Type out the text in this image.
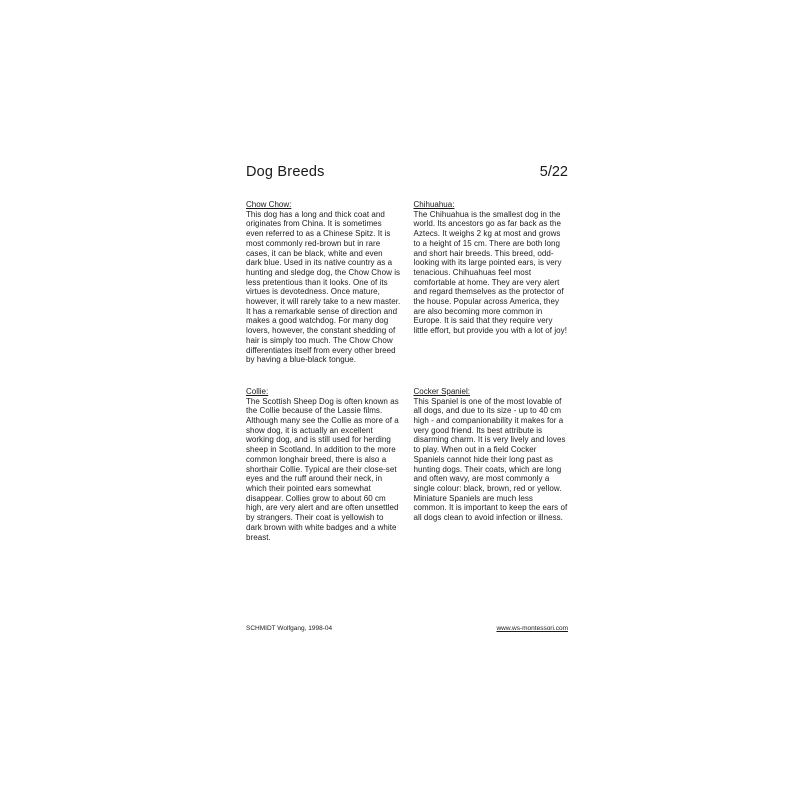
Dog Breeds	5/22
Chow Chow:
This dog has a long and thick coat and originates from China. It is sometimes even referred to as a Chinese Spitz. It is most commonly red-brown but in rare cases, it can be black, white and even dark blue. Used in its native country as a hunting and sledge dog, the Chow Chow is less pretentious than it looks. One of its virtues is devotedness. Once mature, however, it will rarely take to a new master. It has a remarkable sense of direction and makes a good watchdog. For many dog lovers, however, the constant shedding of hair is simply too much. The Chow Chow differentiates itself from every other breed by having a blue-black tongue.
Chihuahua:
The Chihuahua is the smallest dog in the world. Its ancestors go as far back as the Aztecs. It weighs 2 kg at most and grows to a height of 15 cm. There are both long and short hair breeds. This breed, odd-looking with its large pointed ears, is very tenacious. Chihuahuas feel most comfortable at home. They are very alert and regard themselves as the protector of the house. Popular across America, they are also becoming more common in Europe. It is said that they require very little effort, but provide you with a lot of joy!
Collie:
The Scottish Sheep Dog is often known as the Collie because of the Lassie films. Although many see the Collie as more of a show dog, it is actually an excellent working dog, and is still used for herding sheep in Scotland. In addition to the more common longhair breed, there is also a shorthair Collie. Typical are their close-set eyes and the ruff around their neck, in which their pointed ears somewhat disappear. Collies grow to about 60 cm high, are very alert and are often unsettled by strangers. Their coat is yellowish to dark brown with white badges and a white breast.
Cocker Spaniel:
This Spaniel is one of the most lovable of all dogs, and due to its size - up to 40 cm high - and companionability it makes for a very good friend. Its best attribute is disarming charm. It is very lively and loves to play. When out in a field Cocker Spaniels cannot hide their long past as hunting dogs. Their coats, which are long and often wavy, are most commonly a single colour: black, brown, red or yellow. Miniature Spaniels are much less common. It is important to keep the ears of all dogs clean to avoid infection or illness.
SCHMIDT Wolfgang, 1998-04	www.ws-montessori.com
